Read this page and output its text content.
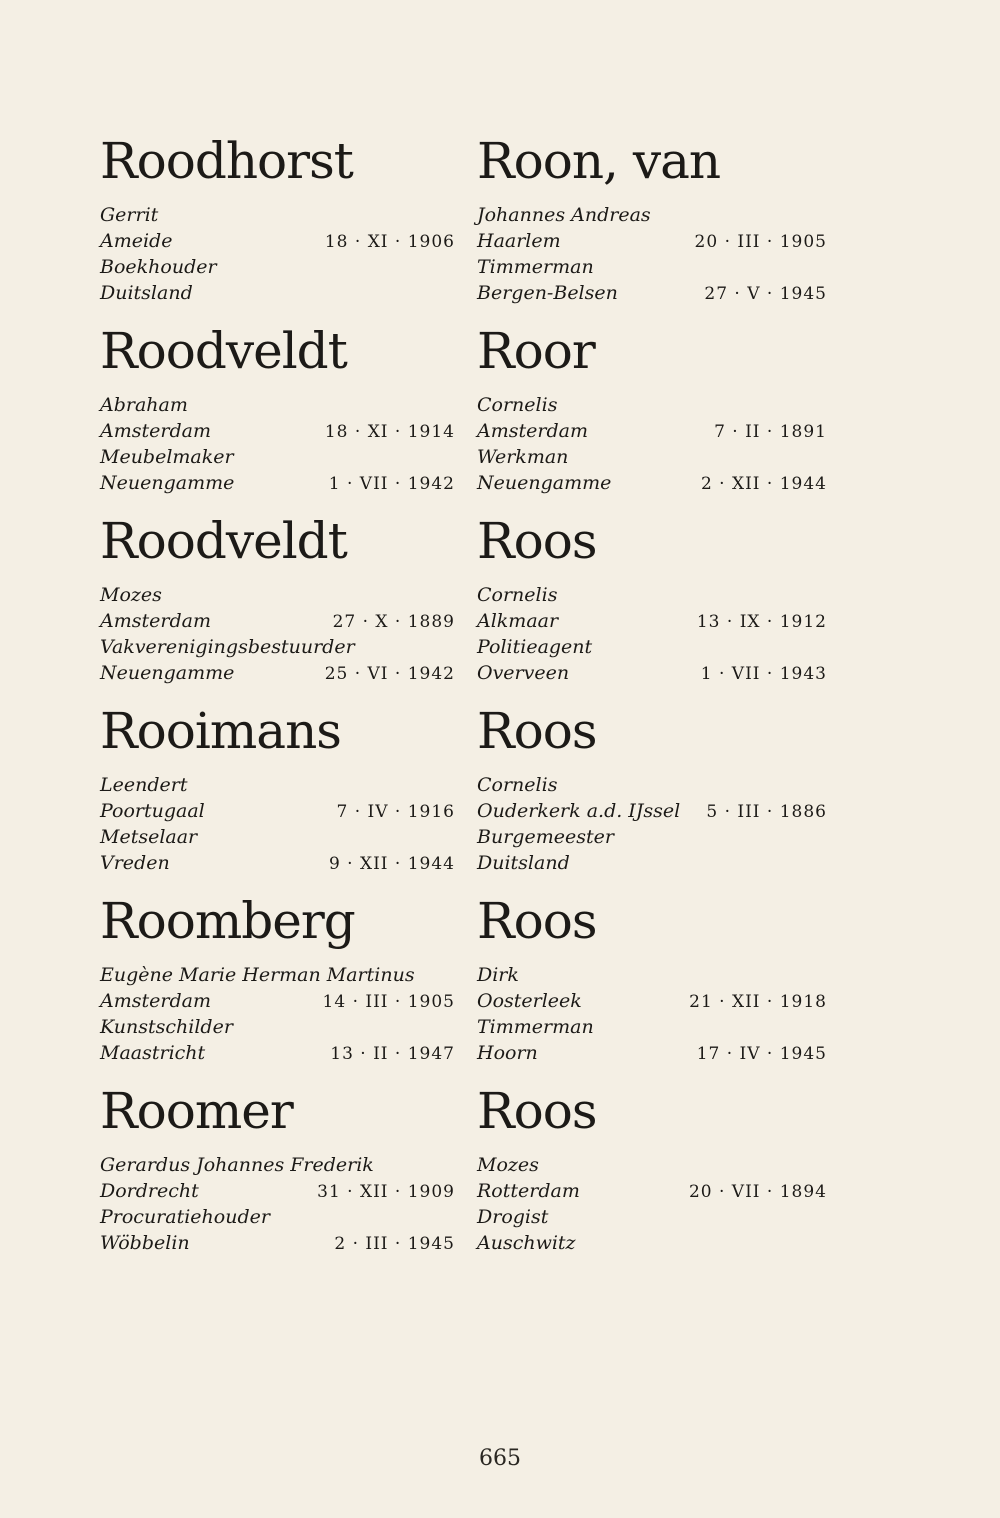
Roodhorst
Gerrit
Ameide	18 · XI · 1906
Boekhouder
Duitsland
Roodveldt
Abraham
Amsterdam	18 · XI · 1914
Meubelmaker
Neuengamme	1 · VII · 1942
Roodveldt
Mozes
Amsterdam	27 · X · 1889
Vakverenigingsbestuurder
Neuengamme	25 · VI · 1942
Rooimans
Leendert
Poortugaal	7 · IV · 1916
Metselaar
Vreden	9 · XII · 1944
Roomberg
Eugène Marie Herman Martinus
Amsterdam	14 · III · 1905
Kunstschilder
Maastricht	13 · II · 1947
Roomer
Gerardus Johannes Frederik
Dordrecht	31 · XII · 1909
Procuratiehouder
Wöbbelin	2 · III · 1945
Roon, van
Johannes Andreas
Haarlem	20 · III · 1905
Timmerman
Bergen-Belsen	27 · V · 1945
Roor
Cornelis
Amsterdam	7 · II · 1891
Werkman
Neuengamme	2 · XII · 1944
Roos
Cornelis
Alkmaar	13 · IX · 1912
Politieagent
Overveen	1 · VII · 1943
Roos
Cornelis
Ouderkerk a.d. IJssel 5 · III · 1886
Burgemeester
Duitsland
Roos
Dirk
Oosterleek	21 · XII · 1918
Timmerman
Hoorn	17 · IV · 1945
Roos
Mozes
Rotterdam	20 · VII · 1894
Drogist
Auschwitz
665
